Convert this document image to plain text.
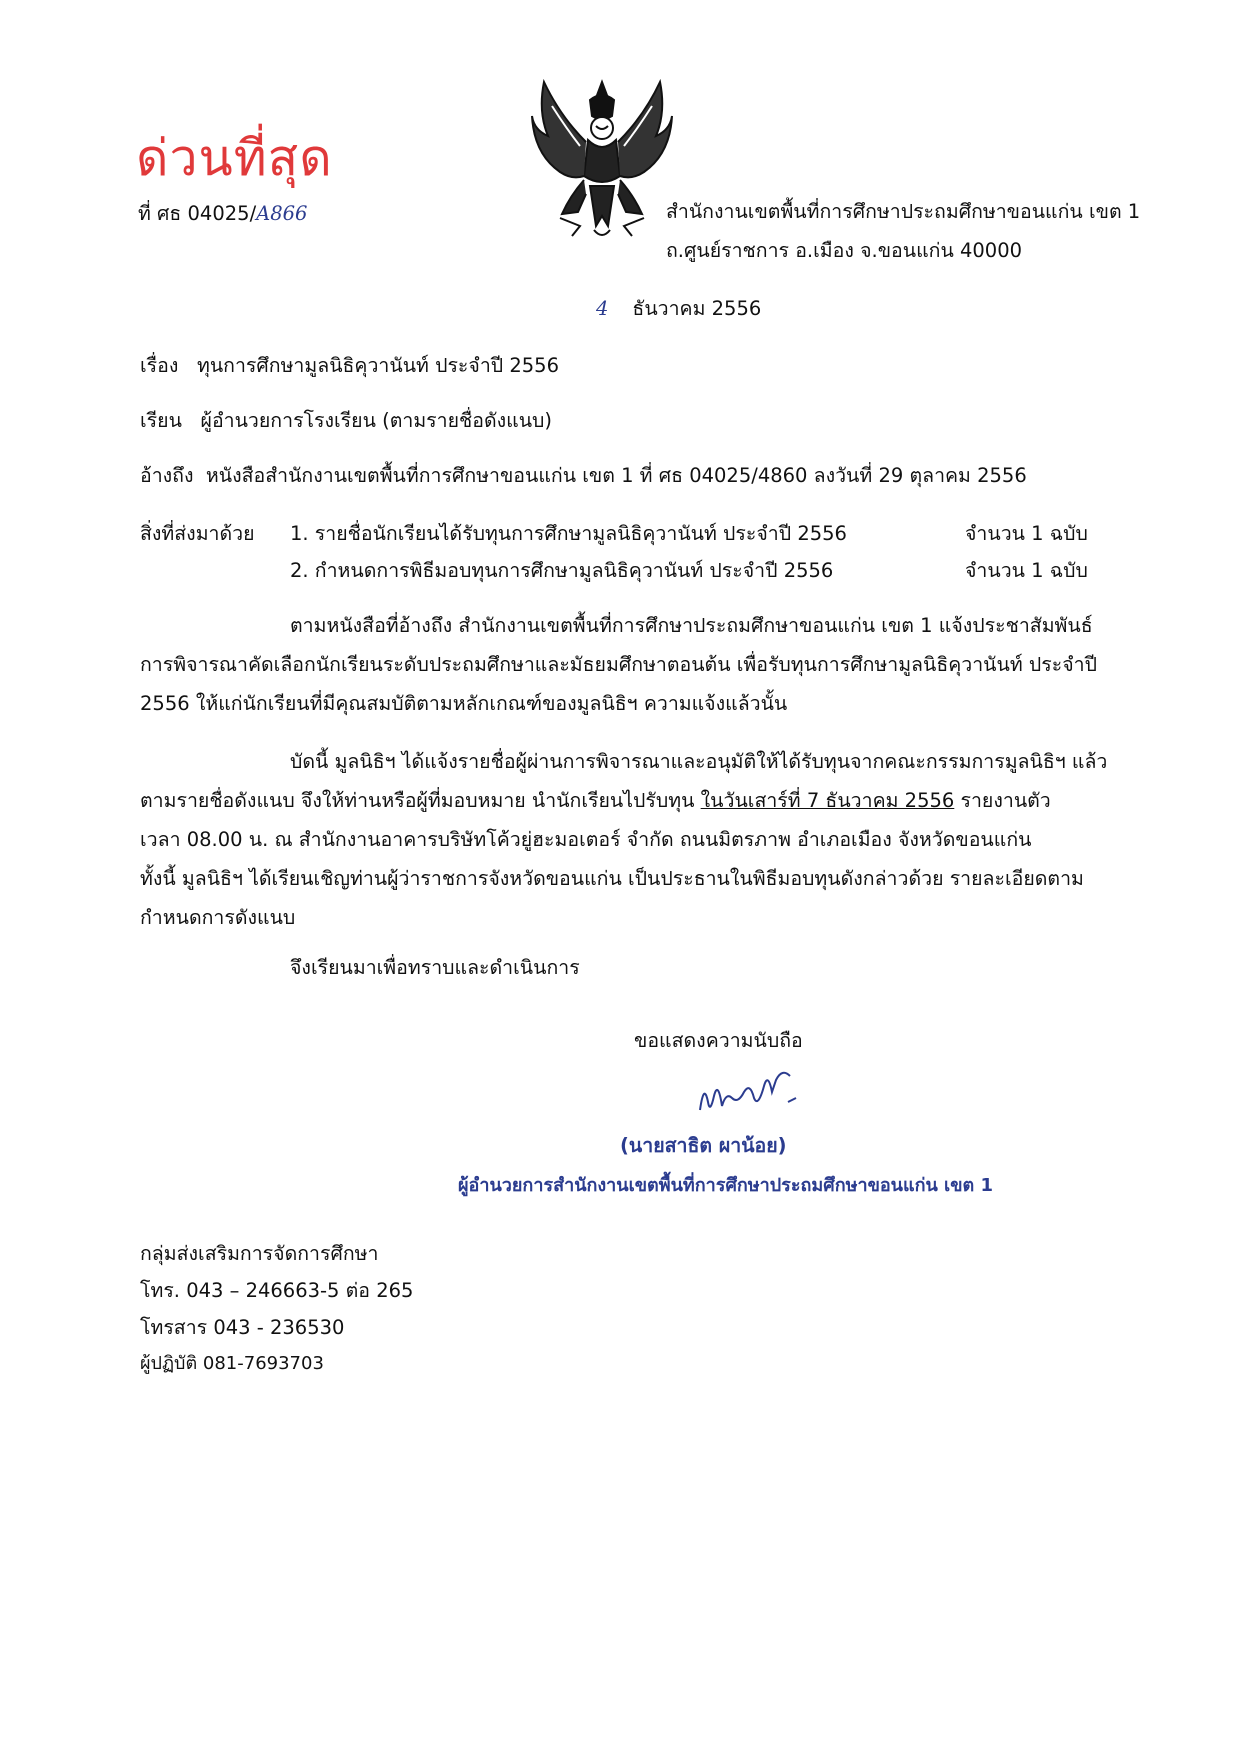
ด่วนที่สุด
ที่ ศธ 04025/A866	สำนักงานเขตพื้นที่การศึกษาประถมศึกษาขอนแก่น เขต 1
ถ.ศูนย์ราชการ อ.เมือง จ.ขอนแก่น 40000
4 ธันวาคม 2556
เรื่อง ทุนการศึกษามูลนิธิคุวานันท์ ประจำปี 2556
เรียน ผู้อำนวยการโรงเรียน (ตามรายชื่อดังแนบ)
อ้างถึง หนังสือสำนักงานเขตพื้นที่การศึกษาขอนแก่น เขต 1 ที่ ศธ 04025/4860 ลงวันที่ 29 ตุลาคม 2556
สิ่งที่ส่งมาด้วย 1. รายชื่อนักเรียนได้รับทุนการศึกษามูลนิธิคุวานันท์ ประจำปี 2556	จำนวน 1 ฉบับ
2. กำหนดการพิธีมอบทุนการศึกษามูลนิธิคุวานันท์ ประจำปี 2556	จำนวน 1 ฉบับ
ตามหนังสือที่อ้างถึง สำนักงานเขตพื้นที่การศึกษาประถมศึกษาขอนแก่น เขต 1 แจ้งประชาสัมพันธ์
การพิจารณาคัดเลือกนักเรียนระดับประถมศึกษาและมัธยมศึกษาตอนต้น เพื่อรับทุนการศึกษามูลนิธิคุวานันท์ ประจำปี
2556 ให้แก่นักเรียนที่มีคุณสมบัติตามหลักเกณฑ์ของมูลนิธิฯ ความแจ้งแล้วนั้น
บัดนี้ มูลนิธิฯ ได้แจ้งรายชื่อผู้ผ่านการพิจารณาและอนุมัติให้ได้รับทุนจากคณะกรรมการมูลนิธิฯ แล้ว
ตามรายชื่อดังแนบ จึงให้ท่านหรือผู้ที่มอบหมาย นำนักเรียนไปรับทุน ในวันเสาร์ที่ 7 ธันวาคม 2556 รายงานตัว
เวลา 08.00 น. ณ สำนักงานอาคารบริษัทโค้วยู่ฮะมอเตอร์ จำกัด ถนนมิตรภาพ อำเภอเมือง จังหวัดขอนแก่น
ทั้งนี้ มูลนิธิฯ ได้เรียนเชิญท่านผู้ว่าราชการจังหวัดขอนแก่น เป็นประธานในพิธีมอบทุนดังกล่าวด้วย รายละเอียดตาม
กำหนดการดังแนบ
จึงเรียนมาเพื่อทราบและดำเนินการ
ขอแสดงความนับถือ
(นายสาธิต ผาน้อย)
ผู้อำนวยการสำนักงานเขตพื้นที่การศึกษาประถมศึกษาขอนแก่น เขต 1
กลุ่มส่งเสริมการจัดการศึกษา
โทร. 043 – 246663-5 ต่อ 265
โทรสาร 043 - 236530
ผู้ปฏิบัติ 081-7693703
